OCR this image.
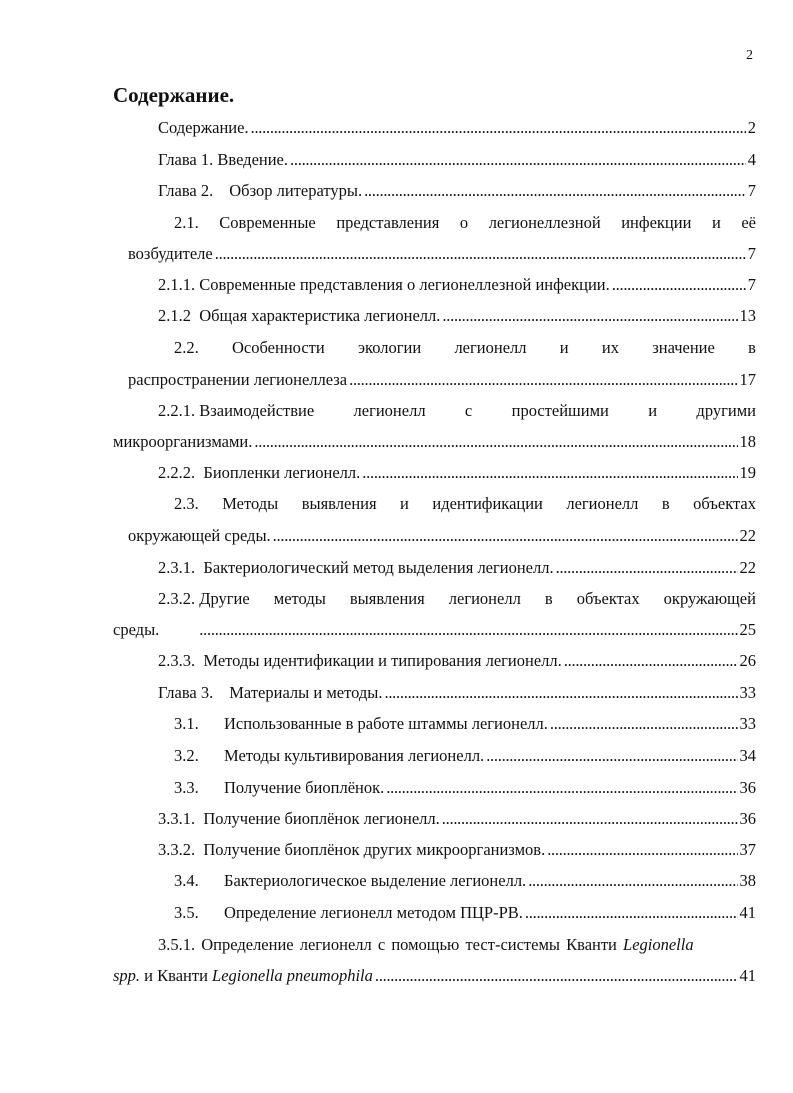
2
Содержание.
Содержание. . . .	2
Глава 1. Введение. . . .	4
Глава 2. Обзор литературы. . . .	7
2.1. Современные представления о легионеллезной инфекции и её
возбудителе . . .	7
2.1.1. Современные представления о легионеллезной инфекции. . . .	7
2.1.2  Общая характеристика легионелл. . . .	13
2.2. Особенности экологии легионелл и их значение в
распространении легионеллеза . . .	17
2.2.1. Взаимодействие легионелл с простейшими и другими
микроорганизмами. . . .	18
2.2.2.  Биопленки легионелл. . . .	19
2.3. Методы выявления и идентификации легионелл в объектах
окружающей среды. . . .	22
2.3.1.  Бактериологический метод выделения легионелл. . . .	22
2.3.2. Другие методы выявления легионелл в объектах окружающей
среды. . . .	25
2.3.3.  Методы идентификации и типирования легионелл. . . .	26
Глава 3. Материалы и методы. . . .	33
3.1.	Использованные в работе штаммы легионелл. . . .	33
3.2.	Методы культивирования легионелл. . . .	34
3.3.	Получение биоплёнок. . . .	36
3.3.1.  Получение биоплёнок легионелл. . . .	36
3.3.2.  Получение биоплёнок других микроорганизмов. . . .	37
3.4.	Бактериологическое выделение легионелл. . . .	38
3.5.	Определение легионелл методом ПЦР-РВ. . . .	41
3.5.1. Определение легионелл с помощью тест-системы Кванти Legionella
spp. и Кванти Legionella pneumophila . . .	41
